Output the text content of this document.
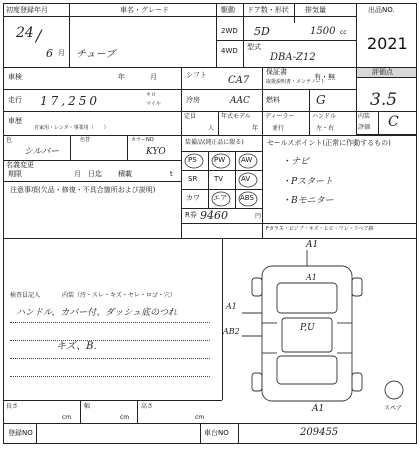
初度登録年月
24 /
6 月
車名・グレード
チューブ
駆動
2WD
4WD
ドア数・形状
5D
排気量
1500 cc
型式
DBA-Z12
出品NO.
2021
車検	年	月	シフト CA7
保証書
取扱説明書・メンテノート
有・無
評価点
3.5
走行 17,250	キロ
マイル	冷房	AAC 燃料	G
車歴
自家用・レンタ・事業用（　　）
定員
人
年式モデル
年
ディーラー
並行
ハンドル
左・右
内装
評価 C
色	色替
シルバー
カラーNO
KYO
名義変更
期限	月　日迄 積載	t
注意事項(欠品・修復・不具合箇所および説明)
装備品(純正品に限る)
PS PW AW
SR TV	AV
カワ エア ABS
R券 9460	円
セールスポイント(正常に作動するもの)
・ナビ
・Pスタート
・Bモニター
Fガラス・ビジブ・キズ・ヒビ・ワレ・リペア跡
検査員記入	内装（汚・スレ・キズ・ヤレ・ロゴ・穴）
ハンドル、カバー付、ダッシュ底のつれ
キズ、B.
A1
A1
A1
AB2	P,U
A1	スペア
長さ
cm
幅
cm
高さ
cm
登録NO	車台NO	209455
